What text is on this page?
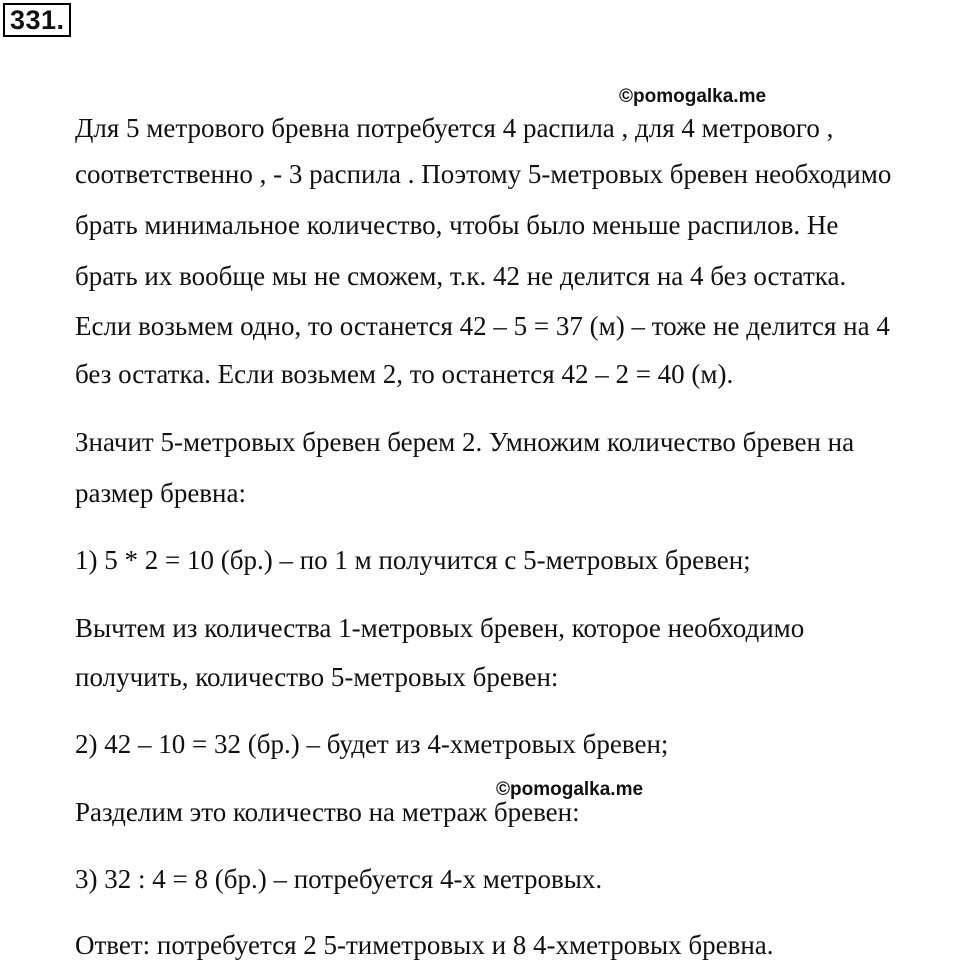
331.
©pomogalka.me
©pomogalka.me
Для 5 метрового бревна потребуется 4 распила , для 4 метрового ,
соответственно , - 3 распила . Поэтому 5-метровых бревен необходимо
брать минимальное количество, чтобы было меньше распилов. Не
брать их вообще мы не сможем, т.к. 42 не делится на 4 без остатка.
Если возьмем одно, то останется 42 – 5 = 37 (м) – тоже не делится на 4
без остатка. Если возьмем 2, то останется 42 – 2 = 40 (м).
Значит 5-метровых бревен берем 2. Умножим количество бревен на
размер бревна:
1) 5 * 2 = 10 (бр.) – по 1 м получится с 5-метровых бревен;
Вычтем из количества 1-метровых бревен, которое необходимо
получить, количество 5-метровых бревен:
2) 42 – 10 = 32 (бр.) – будет из 4-хметровых бревен;
Разделим это количество на метраж бревен:
3) 32 : 4 = 8 (бр.) – потребуется 4-х метровых.
Ответ: потребуется 2 5-тиметровых и 8 4-хметровых бревна.
